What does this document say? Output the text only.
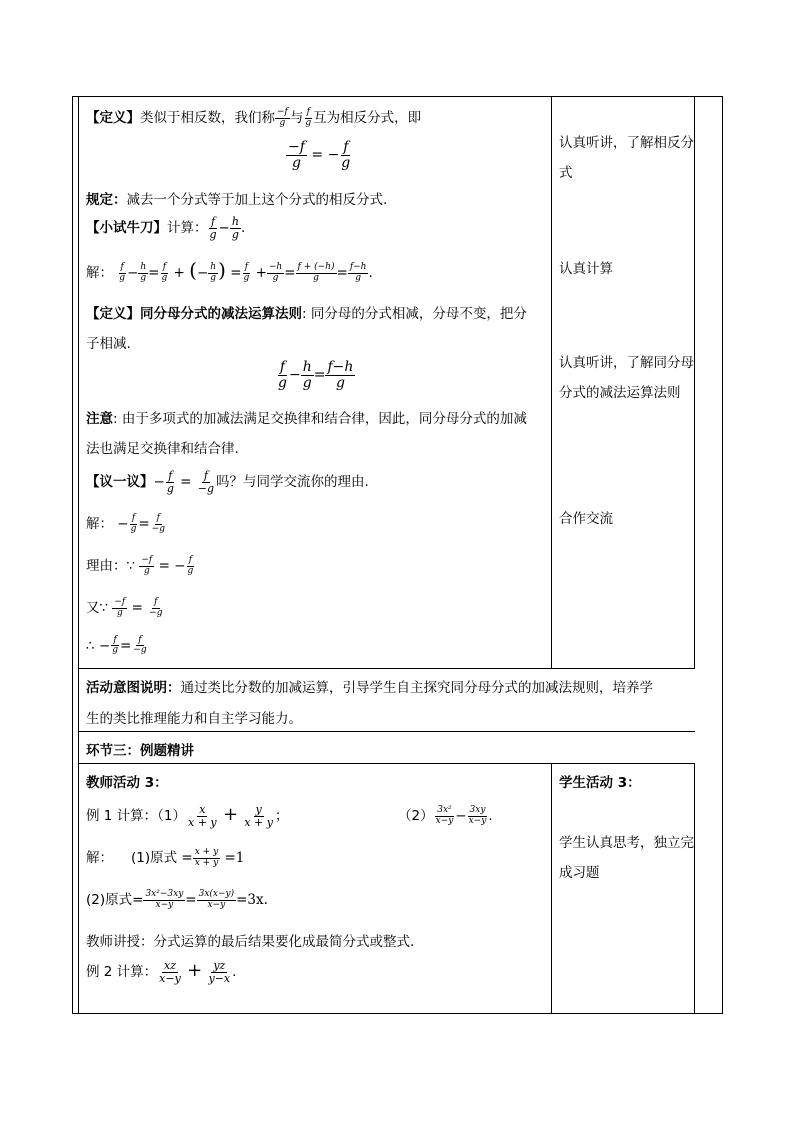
【定义】类似于相反数，我们称 $\frac{-f}{g}$ 与 $\frac{f}{g}$ 互为相反分式，即
$\frac{-f}{g}$ = − $\frac{f}{g}$
规定：减去一个分式等于加上这个分式的相反分式.
【小试牛刀】计算： $\frac{f}{g} - \frac{h}{g}$ .
解： $\frac{f}{g} - \frac{h}{g} = \frac{f}{g}$ + (− $\frac{h}{g}$ ) = $\frac{f}{g} + \frac{-h}{g} = \frac{f + (-h)}{g} = \frac{f-h}{g}$ .
【定义】同分母分式的减法运算法则: 同分母的分式相减，分母不变，把分
子相减.
$\frac{f}{g} - \frac{h}{g} = \frac{f-h}{g}$
注意: 由于多项式的加减法满足交换律和结合律，因此，同分母分式的加减
法也满足交换律和结合律.
【议一议】− $\frac{f}{g} = \frac{f}{-g}$ 吗？与同学交流你的理由.
解： − $\frac{f}{g} = \frac{f}{-g}$
理由：∵ $\frac{-f}{g}$ = − $\frac{f}{g}$
又∵ $\frac{-f}{g} = \frac{f}{-g}$
∴ − $\frac{f}{g} = \frac{f}{-g}$
认真听讲，了解相反分式
认真计算
认真听讲，了解同分母分式的减法运算法则
合作交流
活动意图说明：通过类比分数的加减运算，引导学生自主探究同分母分式的加减法规则，培养学
生的类比推理能力和自主学习能力。
环节三：例题精讲
教师活动 3：	学生活动 3：
学生认真思考，独立完成习题
例 1 计算：$(1) \frac{x}{x + y} + \frac{y}{x + y}$ ；	$(2) \frac{\text{3x²}}{x-y} - \frac{3xy}{x-y}$ .
解： (1)原式 = $\frac{x + y}{x + y} =1$
(2)原式= $\frac{\text{3x²−3xy}}{x-y} = \frac{3x(x-y)}{x-y} =3x$.
教师讲授：分式运算的最后结果要化成最简分式或整式.
例 2 计算： $\frac{xz}{x-y} + \frac{yz}{y-x}$ .
